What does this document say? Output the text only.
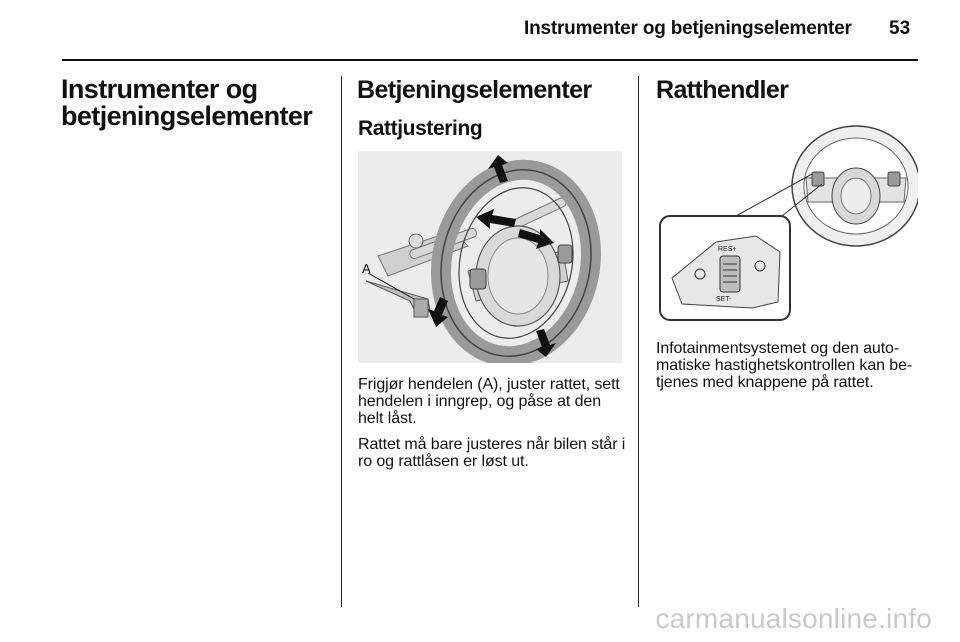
Instrumenter og betjeningselementer 53
Instrumenter og betjeningselementer
Betjeningselementer
Rattjustering
A

Frigjør hendelen (A), juster rattet, sett hendelen i inngrep, og påse at den helt låst.

Rattet må bare justeres når bilen står i ro og rattlåsen er løst ut.

Ratthendler
RES+
SET-

Infotainmentsystemet og den auto-matiske hastighetskontrollen kan be-tjenes med knappene på rattet.

carmanualsonline.info
